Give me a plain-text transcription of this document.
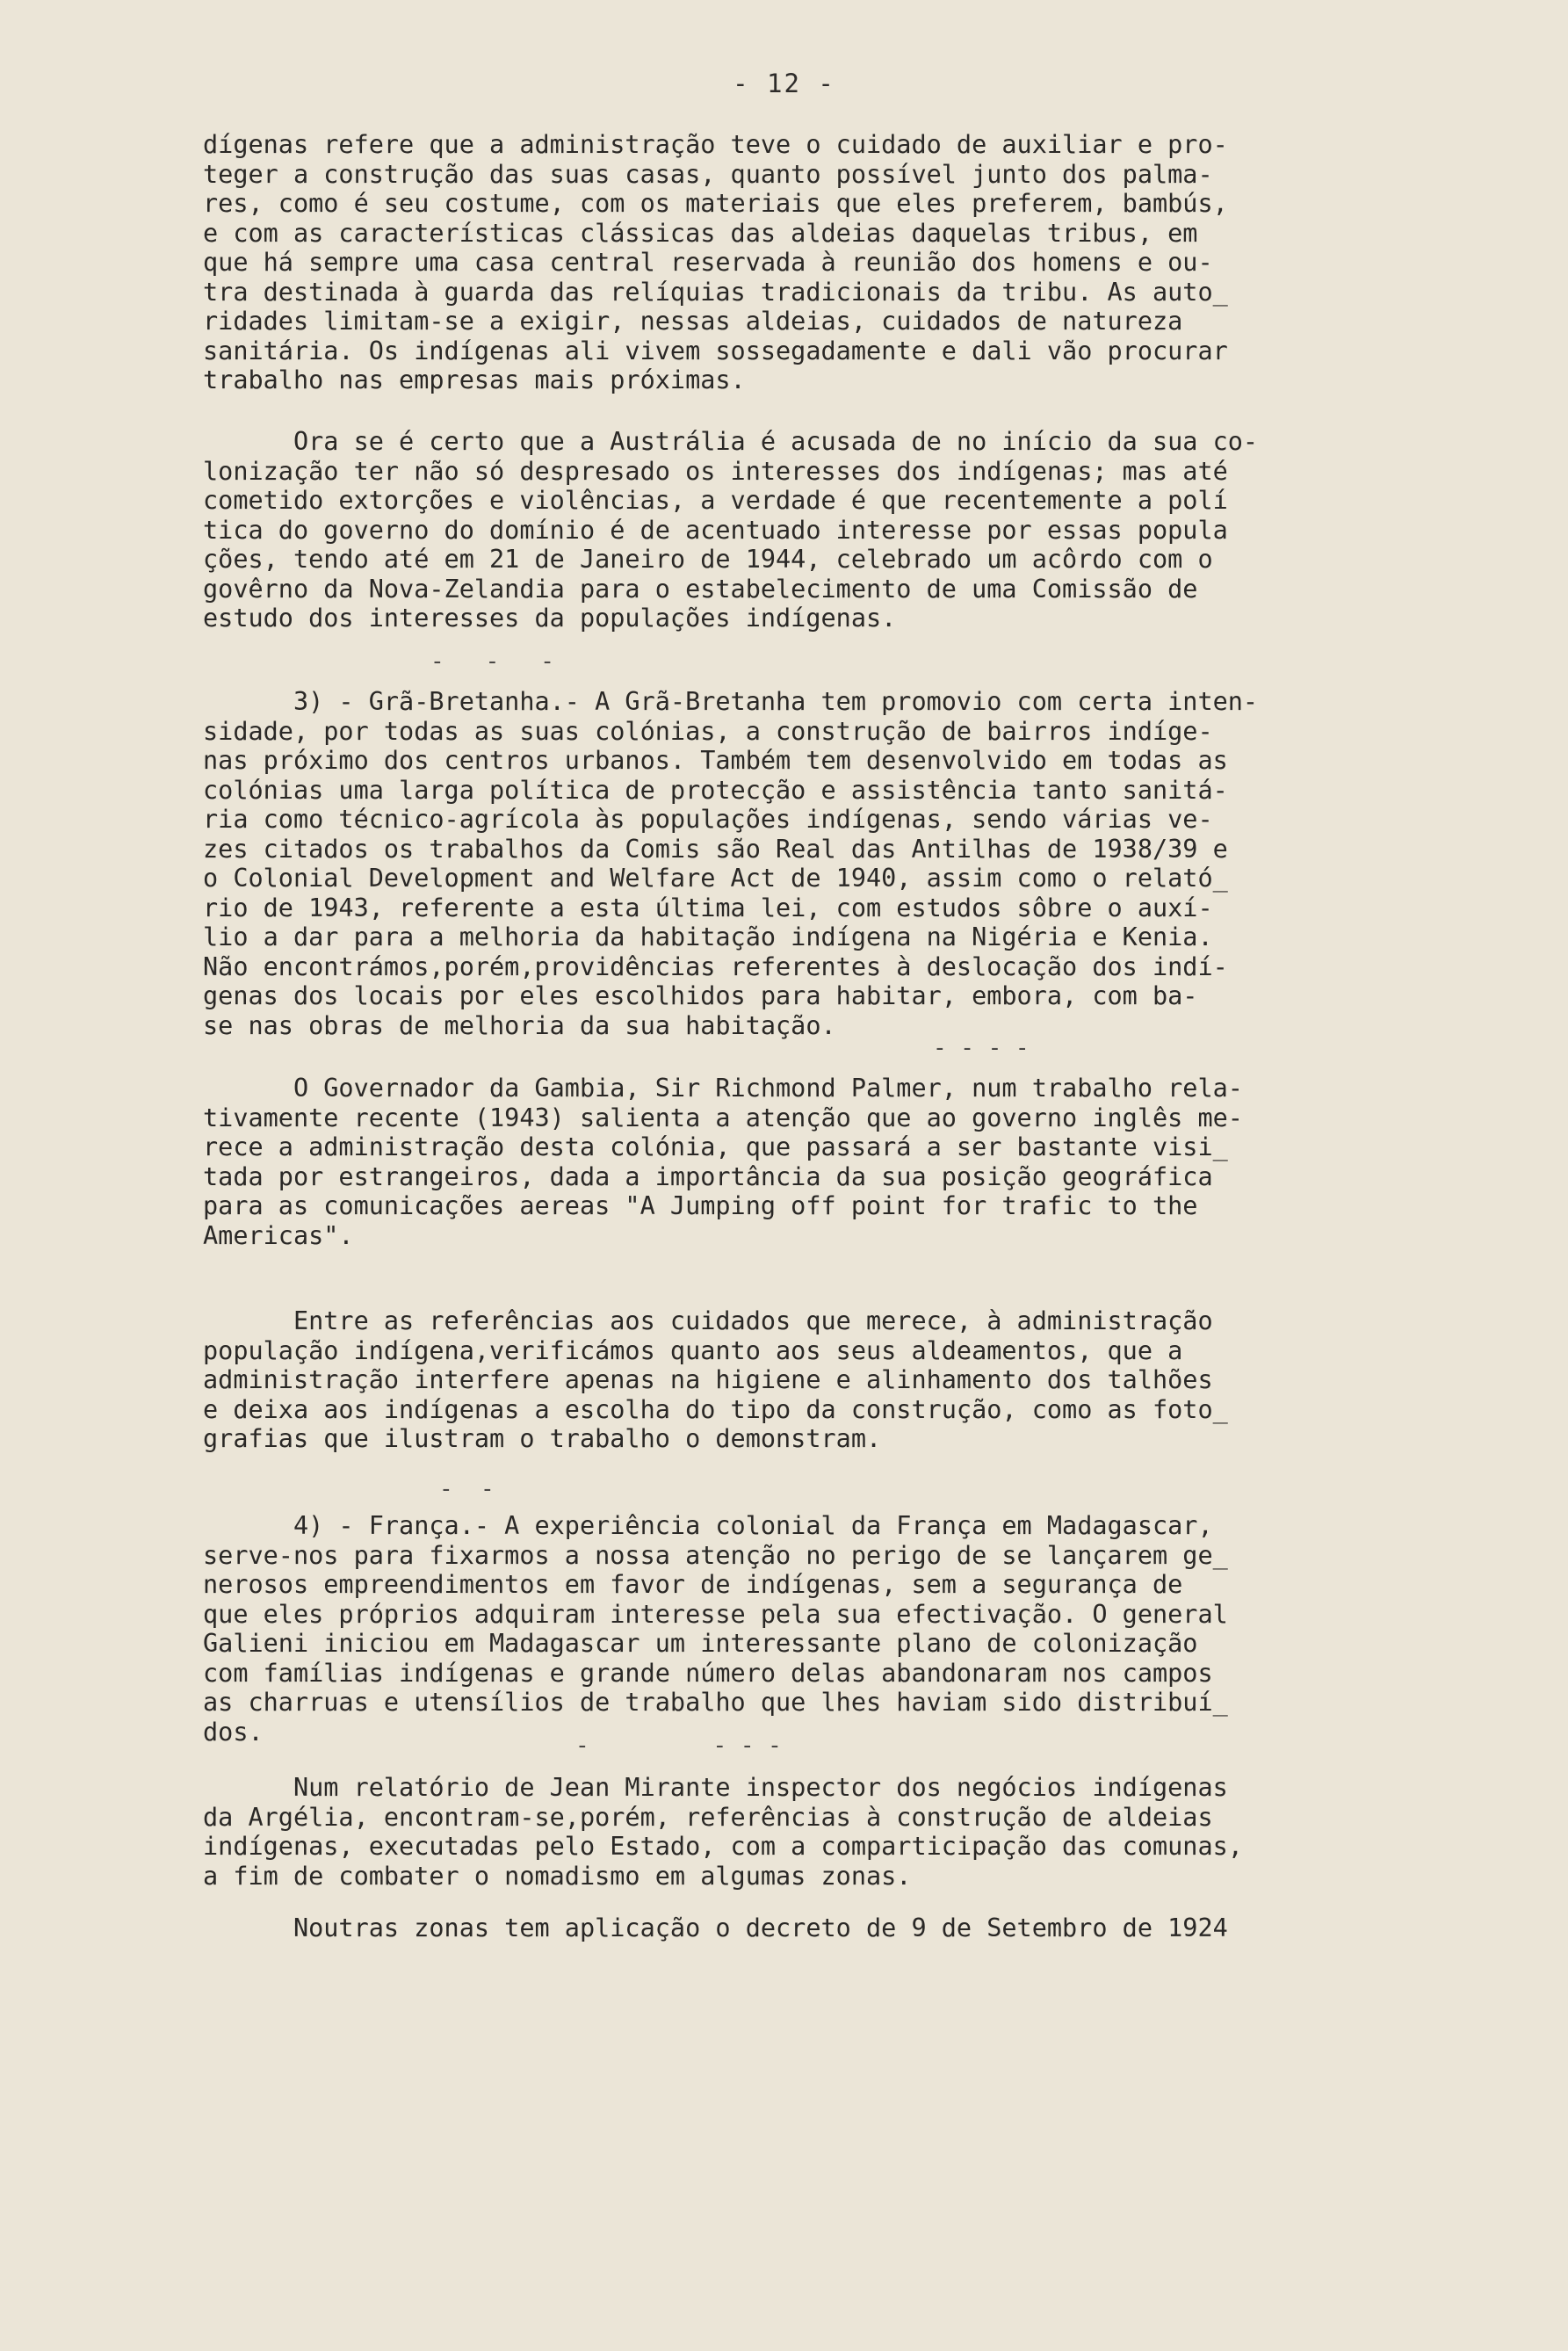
- 12 -
dígenas refere que a administração teve o cuidado de auxiliar e pro-
teger a construção das suas casas, quanto possível junto dos palma-
res, como é seu costume, com os materiais que eles preferem, bambús,
e com as características clássicas das aldeias daquelas tribus, em
que há sempre uma casa central reservada à reunião dos homens e ou-
tra destinada à guarda das relíquias tradicionais da tribu. As auto_
ridades limitam-se a exigir, nessas aldeias, cuidados de natureza
sanitária. Os indígenas ali vivem sossegadamente e dali vão procurar
trabalho nas empresas mais próximas.
Ora se é certo que a Austrália é acusada de no início da sua co-
lonização ter não só despresado os interesses dos indígenas; mas até
cometido extorções e violências, a verdade é que recentemente a polí
tica do governo do domínio é de acentuado interesse por essas popula
ções, tendo até em 21 de Janeiro de 1944, celebrado um acôrdo com o
govêrno da Nova-Zelandia para o estabelecimento de uma Comissão de
estudo dos interesses da populações indígenas.
-   -   -
3) - Grã-Bretanha.- A Grã-Bretanha tem promovio com certa inten-
sidade, por todas as suas colónias, a construção de bairros indíge-
nas próximo dos centros urbanos. Também tem desenvolvido em todas as
colónias uma larga política de protecção e assistência tanto sanitá-
ria como técnico-agrícola às populações indígenas, sendo várias ve-
zes citados os trabalhos da Comis são Real das Antilhas de 1938/39 e
o Colonial Development and Welfare Act de 1940, assim como o relató_
rio de 1943, referente a esta última lei, com estudos sôbre o auxí-
lio a dar para a melhoria da habitação indígena na Nigéria e Kenia.
Não encontrámos,porém,providências referentes à deslocação dos indí-
genas dos locais por eles escolhidos para habitar, embora, com ba-
se nas obras de melhoria da sua habitação.
- - - -
O Governador da Gambia, Sir Richmond Palmer, num trabalho rela-
tivamente recente (1943) salienta a atenção que ao governo inglês me-
rece a administração desta colónia, que passará a ser bastante visi_
tada por estrangeiros, dada a importância da sua posição geográfica
para as comunicações aereas "A Jumping off point for trafic to the
Americas".
Entre as referências aos cuidados que merece, à administração
população indígena,verificámos quanto aos seus aldeamentos, que a
administração interfere apenas na higiene e alinhamento dos talhões
e deixa aos indígenas a escolha do tipo da construção, como as foto_
grafias que ilustram o trabalho o demonstram.
-  -
4) - França.- A experiência colonial da França em Madagascar,
serve-nos para fixarmos a nossa atenção no perigo de se lançarem ge_
nerosos empreendimentos em favor de indígenas, sem a segurança de
que eles próprios adquiram interesse pela sua efectivação. O general
Galieni iniciou em Madagascar um interessante plano de colonização
com famílias indígenas e grande número delas abandonaram nos campos
as charruas e utensílios de trabalho que lhes haviam sido distribuí_
dos.	-         - - -
Num relatório de Jean Mirante inspector dos negócios indígenas
da Argélia, encontram-se,porém, referências à construção de aldeias
indígenas, executadas pelo Estado, com a comparticipação das comunas,
a fim de combater o nomadismo em algumas zonas.
Noutras zonas tem aplicação o decreto de 9 de Setembro de 1924
